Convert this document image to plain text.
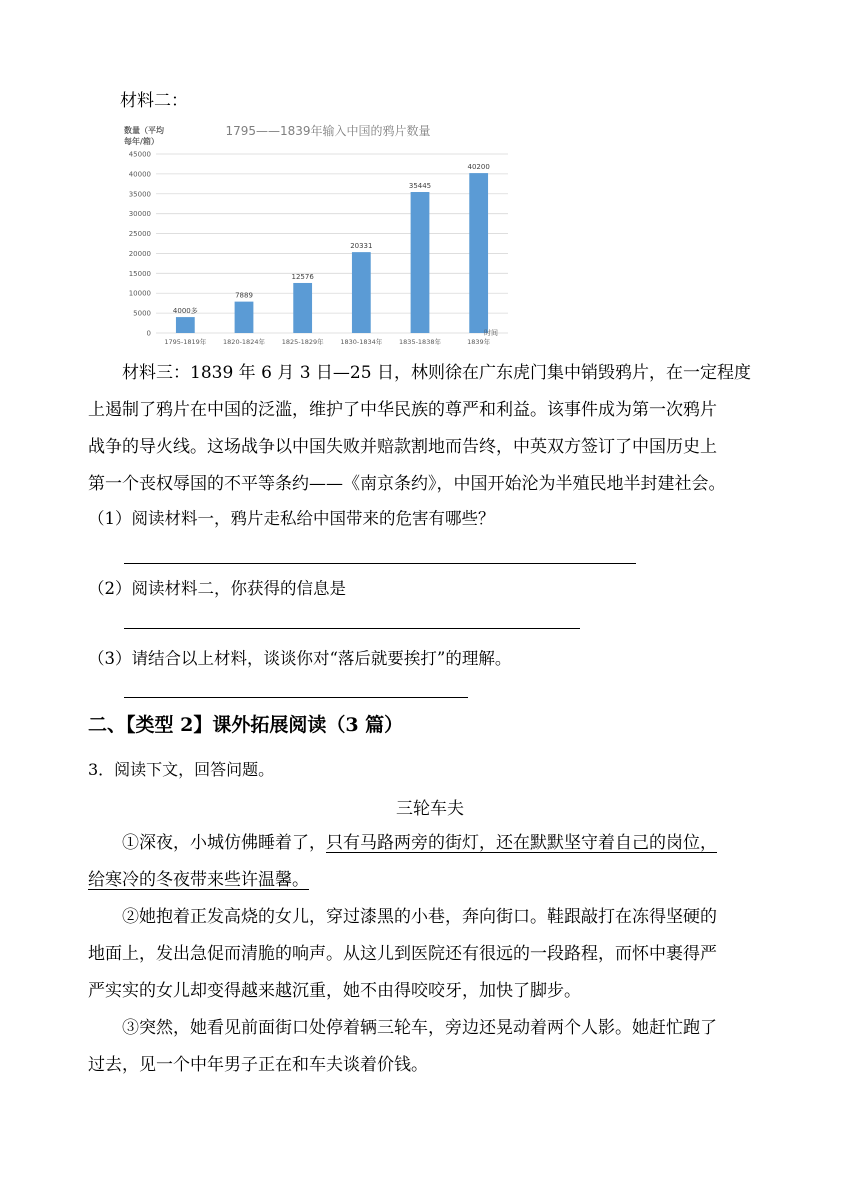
材料二：
1795——1839年输入中国的鸦片数量
数量（平均
每年/箱）
0
5000
10000
15000
20000
25000
30000
35000
40000
45000
4000多
7889
12576
20331
35445
40200
1795-1819年	1820-1824年	1825-1829年	1830-1834年	1835-1838年	1839年
时间
材料三：1839 年 6 月 3 日—25 日，林则徐在广东虎门集中销毁鸦片，在一定程度
上遏制了鸦片在中国的泛滥，维护了中华民族的尊严和利益。该事件成为第一次鸦片
战争的导火线。这场战争以中国失败并赔款割地而告终，中英双方签订了中国历史上
第一个丧权辱国的不平等条约——《南京条约》，中国开始沦为半殖民地半封建社会。
（1）阅读材料一，鸦片走私给中国带来的危害有哪些？
（2）阅读材料二，你获得的信息是
（3）请结合以上材料，谈谈你对“落后就要挨打”的理解。
二、【类型 2】课外拓展阅读（3 篇）
3．阅读下文，回答问题。
三轮车夫
①深夜，小城仿佛睡着了，只有马路两旁的街灯，还在默默坚守着自己的岗位，
给寒冷的冬夜带来些许温馨。
②她抱着正发高烧的女儿，穿过漆黑的小巷，奔向街口。鞋跟敲打在冻得坚硬的
地面上，发出急促而清脆的响声。从这儿到医院还有很远的一段路程，而怀中裹得严
严实实的女儿却变得越来越沉重，她不由得咬咬牙，加快了脚步。
③突然，她看见前面街口处停着辆三轮车，旁边还晃动着两个人影。她赶忙跑了
过去，见一个中年男子正在和车夫谈着价钱。
